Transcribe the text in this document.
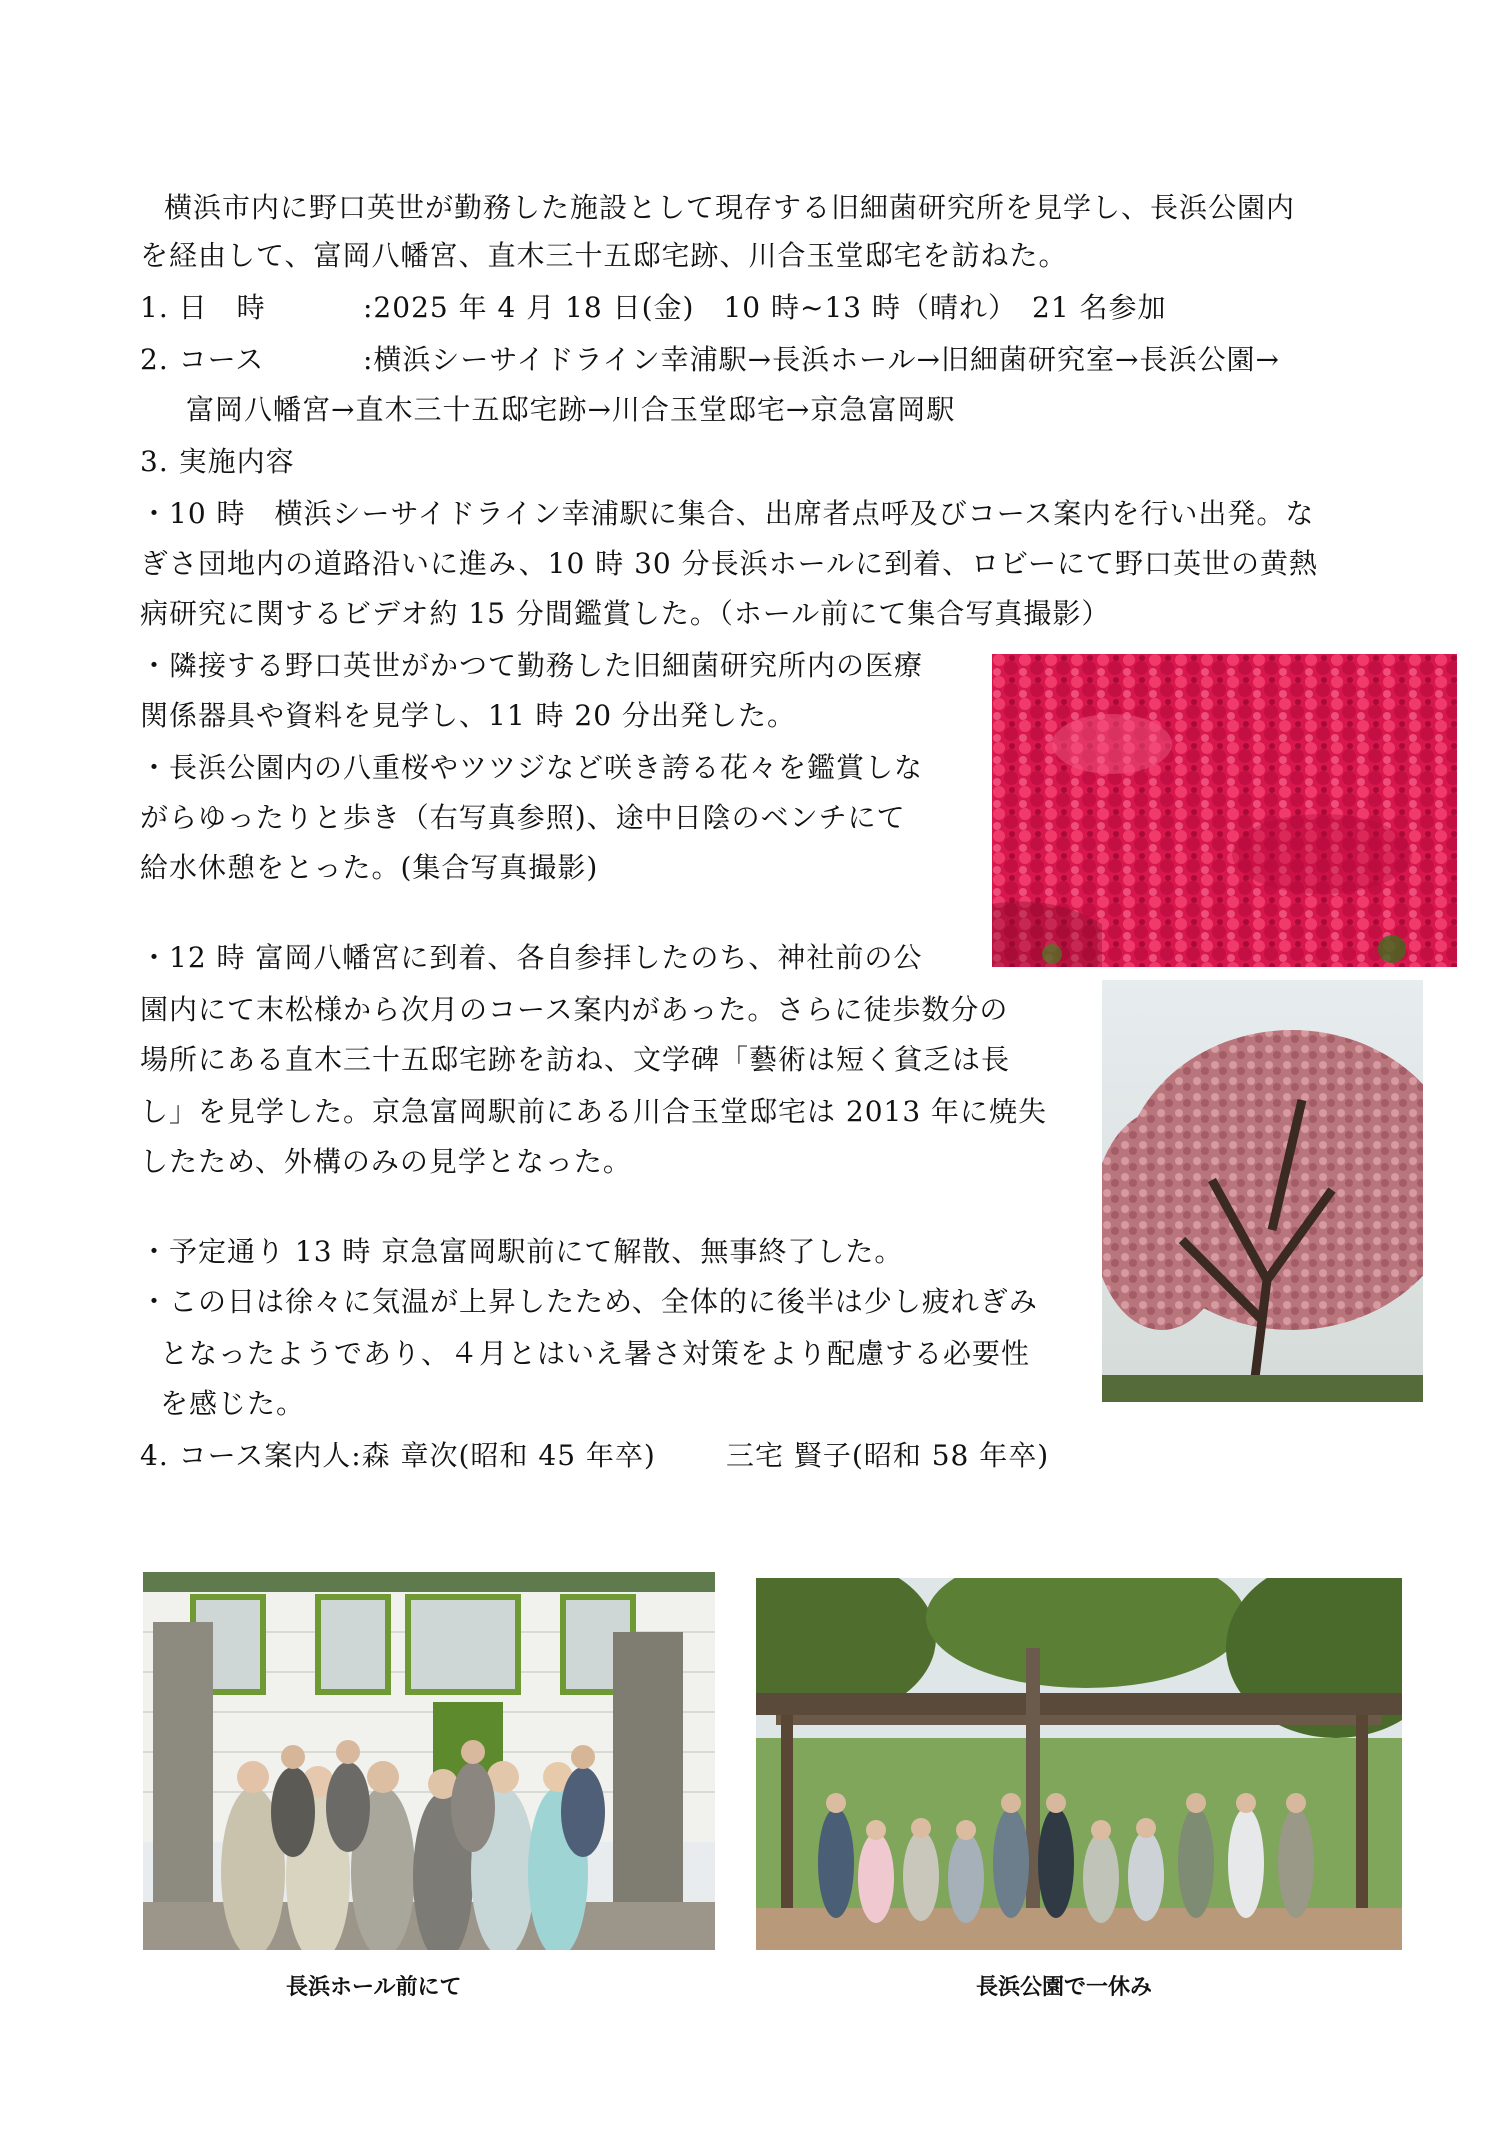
横浜市内に野口英世が勤務した施設として現存する旧細菌研究所を見学し、長浜公園内
を経由して、富岡八幡宮、直木三十五邸宅跡、川合玉堂邸宅を訪ねた。
1. 日　時	:2025 年 4 月 18 日(金)　10 時~13 時（晴れ）　21 名参加
2. コース	:横浜シーサイドライン幸浦駅→長浜ホール→旧細菌研究室→長浜公園→
富岡八幡宮→直木三十五邸宅跡→川合玉堂邸宅→京急富岡駅
3. 実施内容
・10 時　横浜シーサイドライン幸浦駅に集合、出席者点呼及びコース案内を行い出発。な
ぎさ団地内の道路沿いに進み、10 時 30 分長浜ホールに到着、ロビーにて野口英世の黄熱
病研究に関するビデオ約 15 分間鑑賞した。（ホール前にて集合写真撮影）
・隣接する野口英世がかつて勤務した旧細菌研究所内の医療
関係器具や資料を見学し、11 時 20 分出発した。
・長浜公園内の八重桜やツツジなど咲き誇る花々を鑑賞しな
がらゆったりと歩き（右写真参照)、途中日陰のベンチにて
給水休憩をとった。(集合写真撮影)
・12 時 富岡八幡宮に到着、各自参拝したのち、神社前の公
園内にて末松様から次月のコース案内があった。さらに徒歩数分の
場所にある直木三十五邸宅跡を訪ね、文学碑「藝術は短く貧乏は長
し」を見学した。京急富岡駅前にある川合玉堂邸宅は 2013 年に焼失
したため、外構のみの見学となった。
・予定通り 13 時 京急富岡駅前にて解散、無事終了した。
・この日は徐々に気温が上昇したため、全体的に後半は少し疲れぎみ
となったようであり、４月とはいえ暑さ対策をより配慮する必要性
を感じた。
4. コース案内人:森 章次(昭和 45 年卒)	三宅 賢子(昭和 58 年卒)
長浜ホール前にて	長浜公園で一休み
